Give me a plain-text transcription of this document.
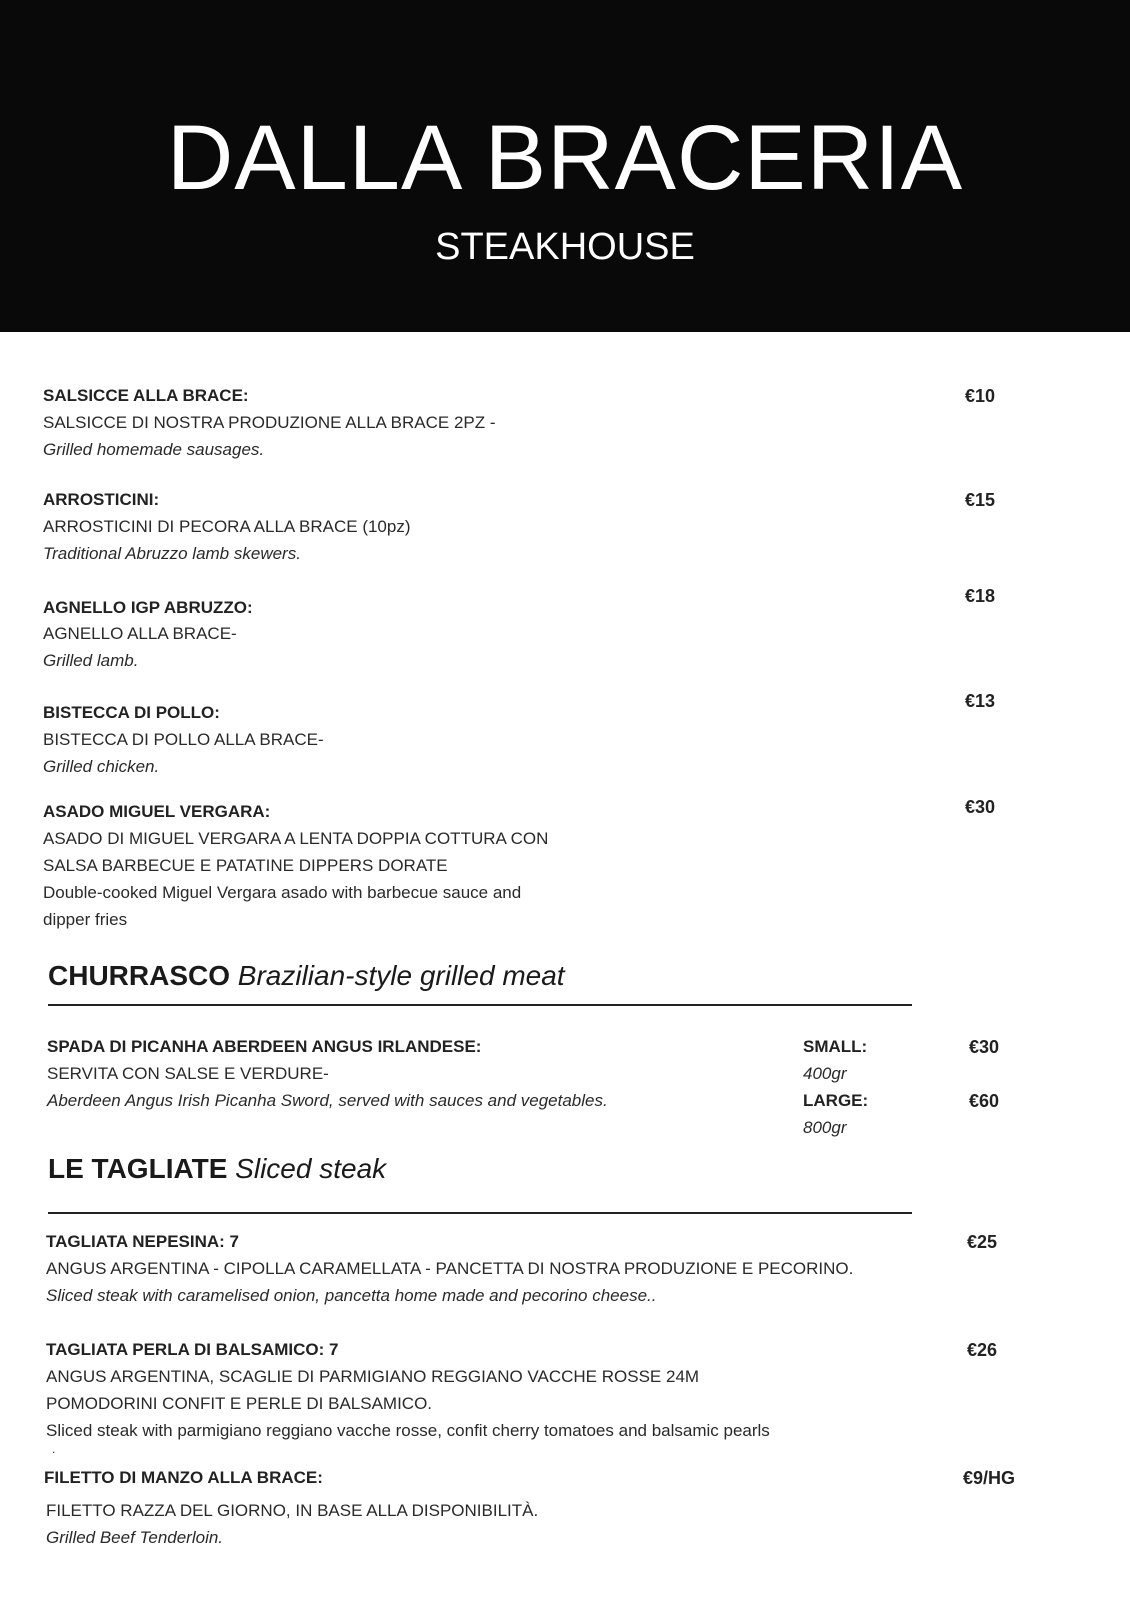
DALLA BRACERIA
STEAKHOUSE
SALSICCE ALLA BRACE:
SALSICCE DI NOSTRA PRODUZIONE ALLA BRACE 2PZ -
Grilled homemade sausages.
€10
ARROSTICINI:
ARROSTICINI DI PECORA ALLA BRACE (10pz)
Traditional Abruzzo lamb skewers.
€15
AGNELLO IGP ABRUZZO:
AGNELLO ALLA BRACE-
Grilled lamb.
€18
BISTECCA DI POLLO:
BISTECCA DI POLLO ALLA BRACE-
Grilled chicken.
€13
ASADO MIGUEL VERGARA:
ASADO DI MIGUEL VERGARA A LENTA DOPPIA COTTURA CON
SALSA BARBECUE E PATATINE DIPPERS DORATE
Double-cooked Miguel Vergara asado with barbecue sauce and
dipper fries
€30
CHURRASCO Brazilian-style grilled meat
SPADA DI PICANHA ABERDEEN ANGUS IRLANDESE:
SERVITA CON SALSE E VERDURE-
Aberdeen Angus Irish Picanha Sword, served with sauces and vegetables.
SMALL:
400gr
LARGE:
800gr
€30
€60
LE TAGLIATE Sliced steak
TAGLIATA NEPESINA: 7
ANGUS ARGENTINA - CIPOLLA CARAMELLATA - PANCETTA DI NOSTRA PRODUZIONE E PECORINO.
Sliced steak with caramelised onion, pancetta home made and pecorino cheese..
€25
TAGLIATA PERLA DI BALSAMICO: 7
ANGUS ARGENTINA, SCAGLIE DI PARMIGIANO REGGIANO VACCHE ROSSE 24M
POMODORINI CONFIT E PERLE DI BALSAMICO.
Sliced steak with parmigiano reggiano vacche rosse, confit cherry tomatoes and balsamic pearls
.
€26
FILETTO DI MANZO ALLA BRACE:
FILETTO RAZZA DEL GIORNO, IN BASE ALLA DISPONIBILITÀ.
Grilled Beef Tenderloin.
€9/HG
